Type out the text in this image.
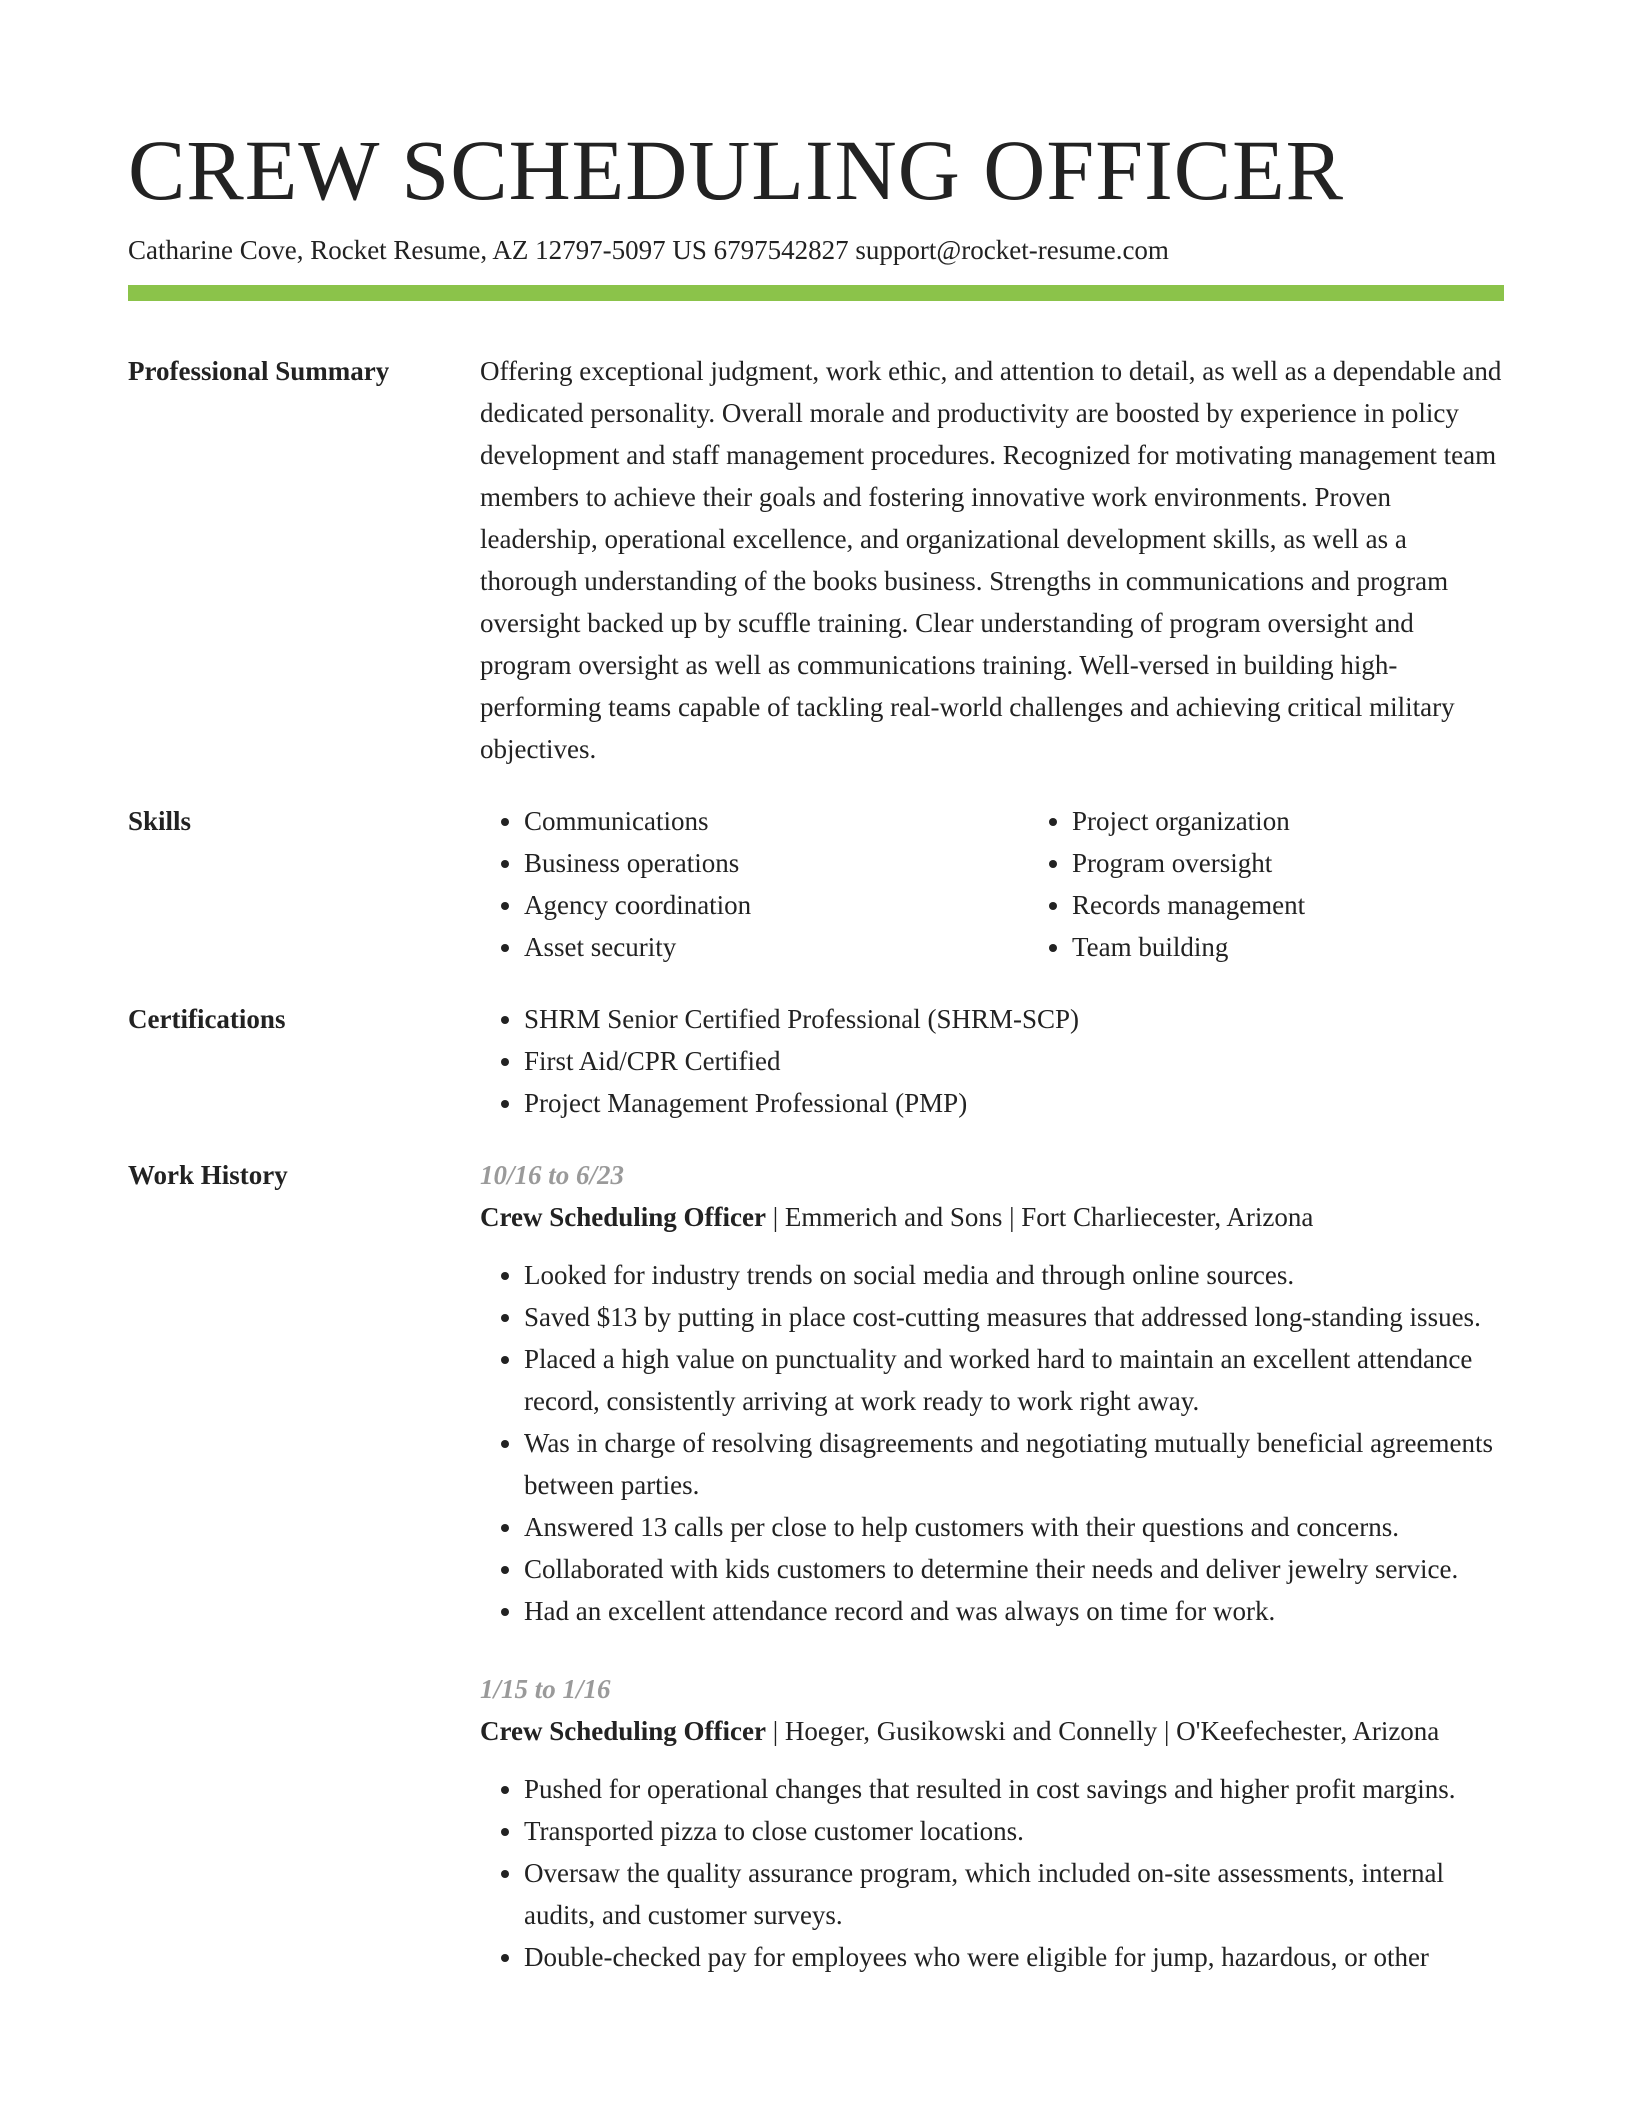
CREW SCHEDULING OFFICER
Catharine Cove, Rocket Resume, AZ 12797-5097 US 6797542827 support@rocket-resume.com
Professional Summary	Offering exceptional judgment, work ethic, and attention to detail, as well as a dependable and dedicated personality. Overall morale and productivity are boosted by experience in policy development and staff management procedures. Recognized for motivating management team members to achieve their goals and fostering innovative work environments. Proven leadership, operational excellence, and organizational development skills, as well as a thorough understanding of the books business. Strengths in communications and program oversight backed up by scuffle training. Clear understanding of program oversight and program oversight as well as communications training. Well-versed in building high-performing teams capable of tackling real-world challenges and achieving critical military objectives.

Skills	• Communications
• Business operations
• Agency coordination
• Asset security
• Project organization
• Program oversight
• Records management
• Team building
Certifications	• SHRM Senior Certified Professional (SHRM-SCP)
• First Aid/CPR Certified
• Project Management Professional (PMP)
Work History	10/16 to 6/23
Crew Scheduling Officer | Emmerich and Sons | Fort Charliecester, Arizona
• Looked for industry trends on social media and through online sources.
• Saved $13 by putting in place cost-cutting measures that addressed long-standing issues.
• Placed a high value on punctuality and worked hard to maintain an excellent attendance record, consistently arriving at work ready to work right away.
• Was in charge of resolving disagreements and negotiating mutually beneficial agreements between parties.
• Answered 13 calls per close to help customers with their questions and concerns.
• Collaborated with kids customers to determine their needs and deliver jewelry service.
• Had an excellent attendance record and was always on time for work.
1/15 to 1/16
Crew Scheduling Officer | Hoeger, Gusikowski and Connelly | O'Keefechester, Arizona
• Pushed for operational changes that resulted in cost savings and higher profit margins.
• Transported pizza to close customer locations.
• Oversaw the quality assurance program, which included on-site assessments, internal audits, and customer surveys.
• Double-checked pay for employees who were eligible for jump, hazardous, or other
